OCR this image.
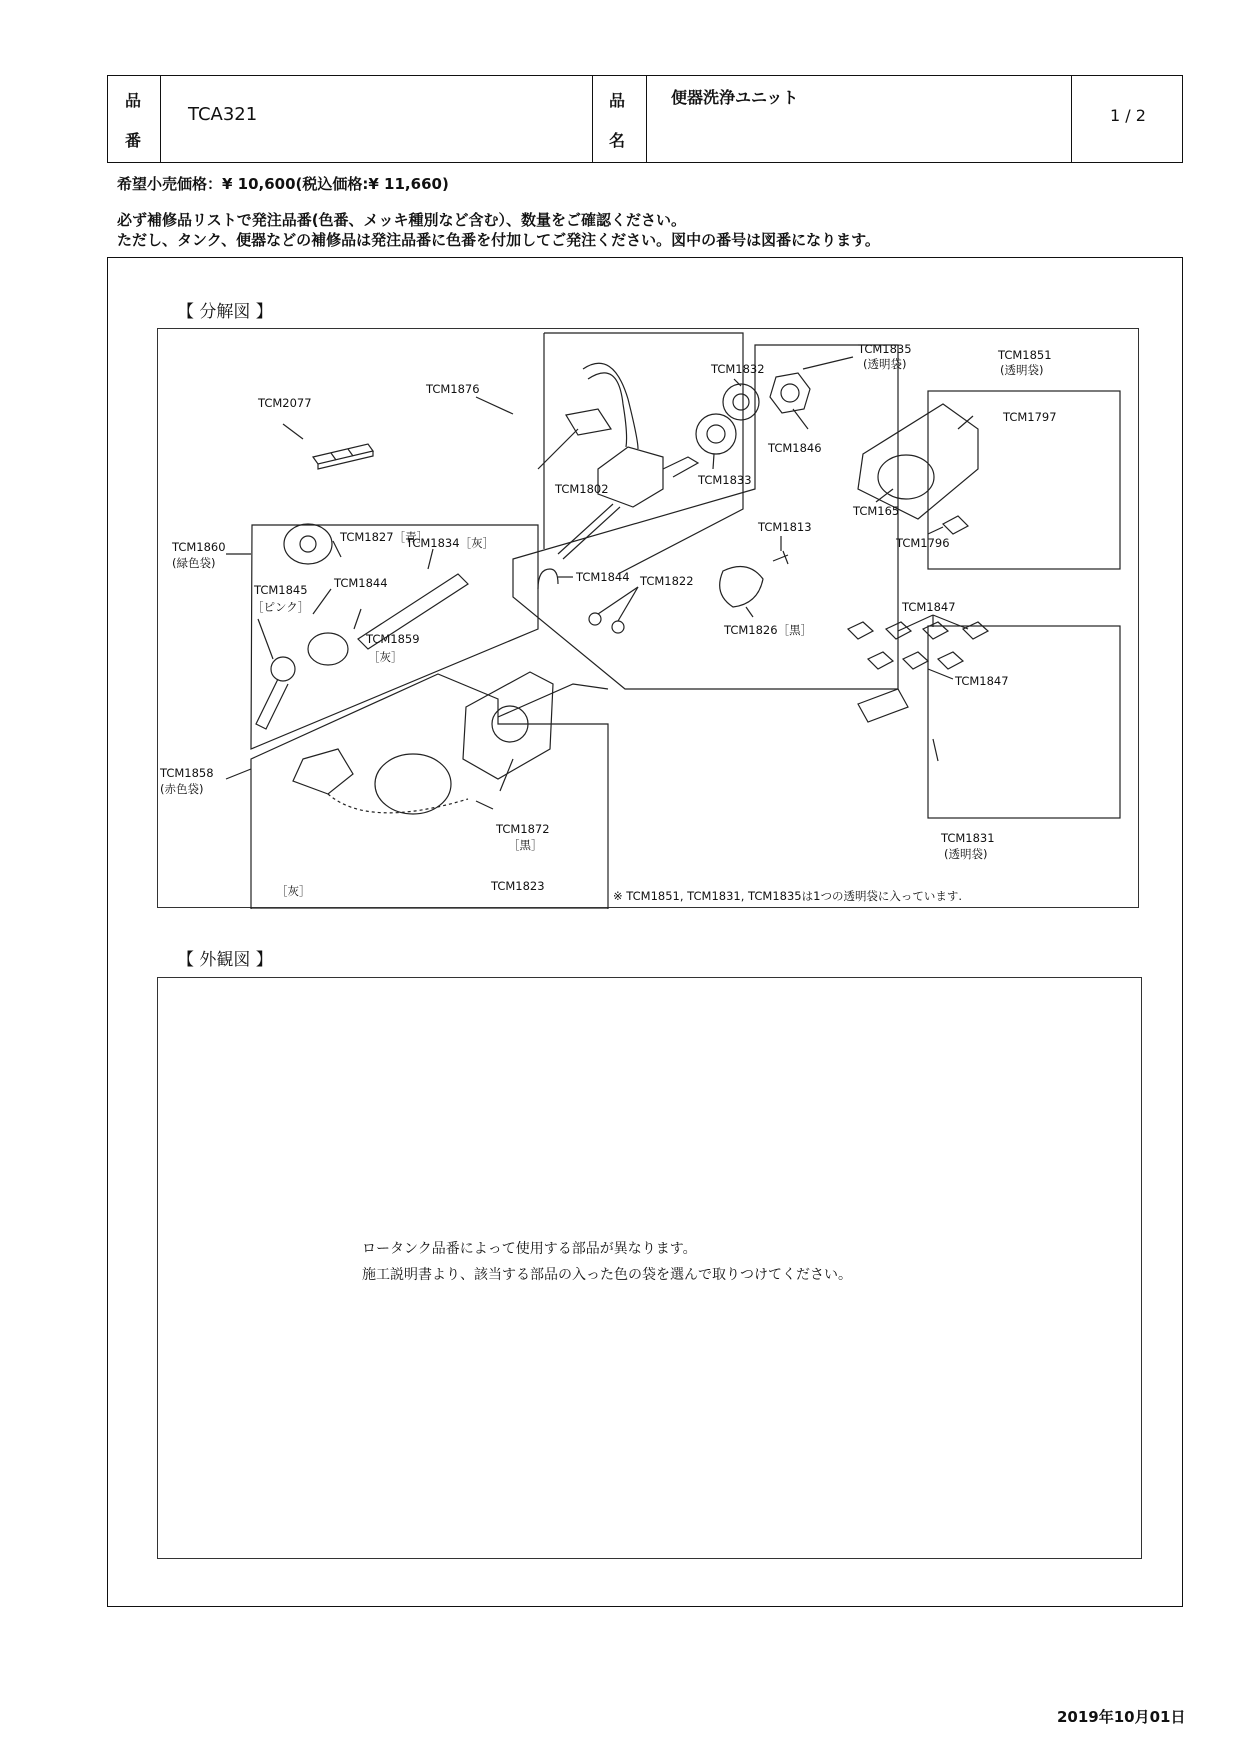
品
番
TCA321
品
名
便器洗浄ユニット
1 / 2
希望小売価格：¥ 10,600(税込価格:¥ 11,660)
必ず補修品リストで発注品番(色番、メッキ種別など含む）、数量をご確認ください。
ただし、タンク、便器などの補修品は発注品番に色番を付加してご発注ください。図中の番号は図番になります。
【 分解図 】
TCM2077
TCM1876
TCM1802
TCM1832
TCM1835
(透明袋)
TCM1851
(透明袋)
TCM1846
TCM1833
TCM1797
TCM165
TCM1796
TCM1813
TCM1860
(緑色袋)
TCM1827［青］
TCM1834［灰］
TCM1844
TCM1844
TCM1845
［ピンク］
TCM1859
［灰］
TCM1822
TCM1826［黒］
TCM1847
TCM1847
TCM1858
(赤色袋)
［灰］
TCM1872
［黒］
TCM1823
TCM1831
(透明袋)
※ TCM1851, TCM1831, TCM1835は1つの透明袋に入っています.
【 外観図 】
ロータンク品番によって使用する部品が異なります。
施工説明書より、該当する部品の入った色の袋を選んで取りつけてください。
2019年10月01日
